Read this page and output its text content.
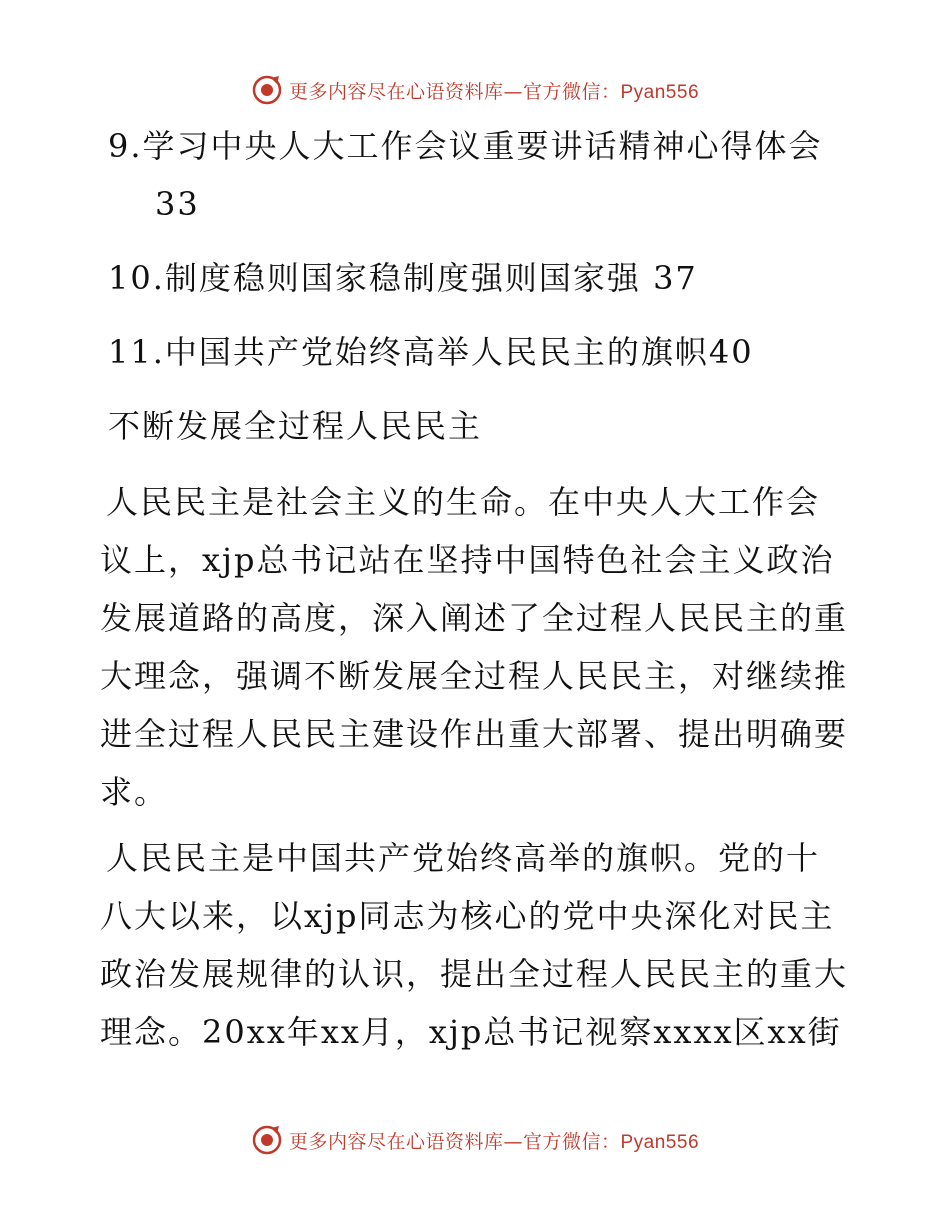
更多内容尽在心语资料库—官方微信：Pyan556
9.学习中央人大工作会议重要讲话精神心得体会
33
10.制度稳则国家稳制度强则国家强 37
11.中国共产党始终高举人民民主的旗帜40
不断发展全过程人民民主
人民民主是社会主义的生命。在中央人大工作会议上，xjp总书记站在坚持中国特色社会主义政治发展道路的高度，深入阐述了全过程人民民主的重大理念，强调不断发展全过程人民民主，对继续推进全过程人民民主建设作出重大部署、提出明确要求。
人民民主是中国共产党始终高举的旗帜。党的十八大以来，以xjp同志为核心的党中央深化对民主政治发展规律的认识，提出全过程人民民主的重大理念。20xx年xx月，xjp总书记视察xxxx区xx街
更多内容尽在心语资料库—官方微信：Pyan556
